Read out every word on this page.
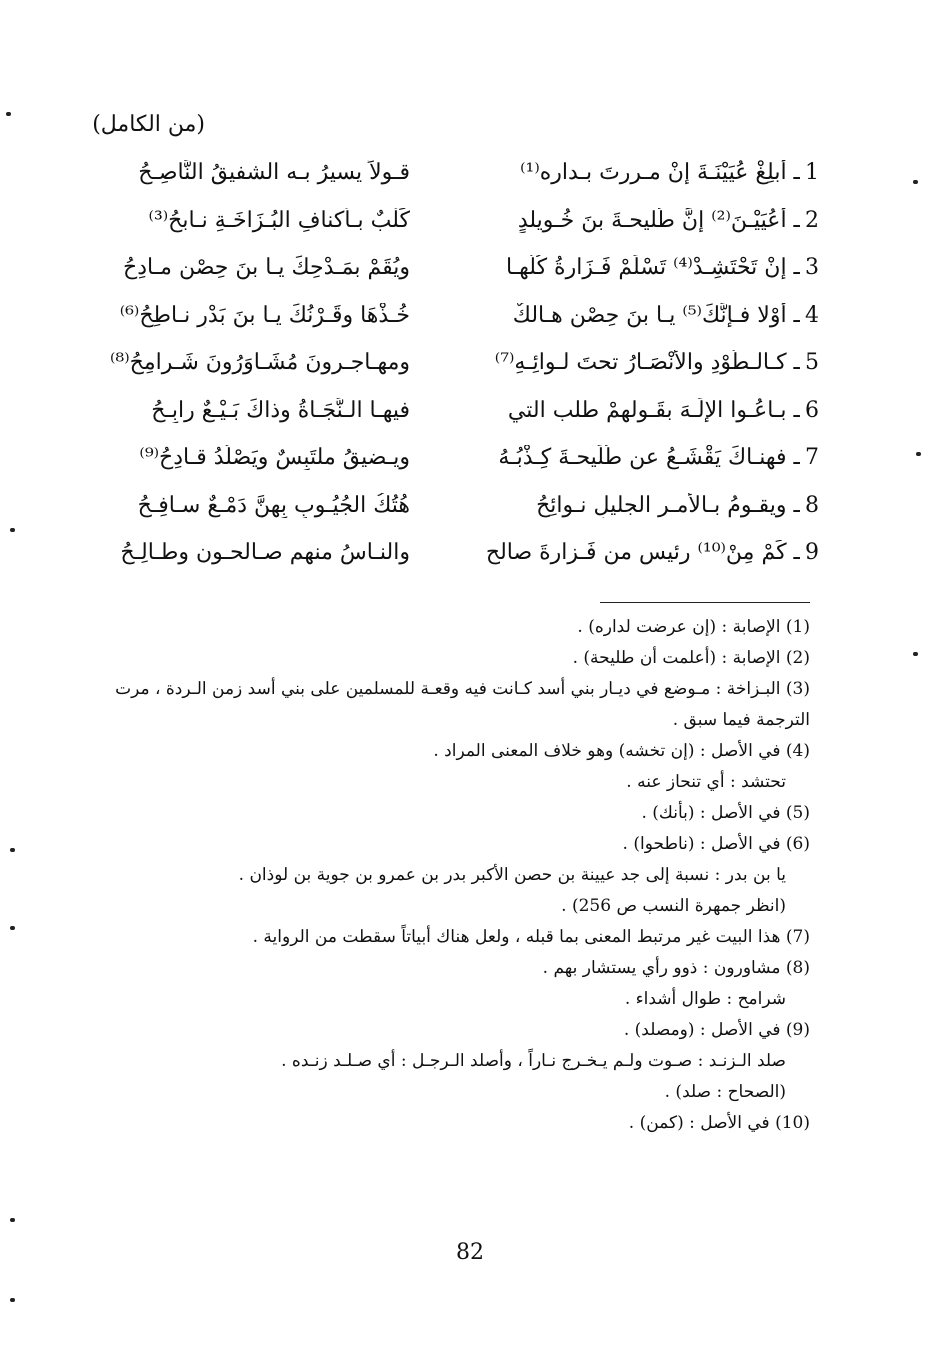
(من الكامل)
1
ـ أبلِغْ عُيَيْنَـةَ إنْ مـررتَ بـداره⁽¹⁾
قـولاً يسيرُ بـه الشفيقُ النَّاصِـحُ
2
ـ أعُيَيْـنَ⁽²⁾ إنَّ طُليحـةَ بنَ خُـويلدٍ
كَلْبٌ بـأكنافِ البُـزَاخَـةِ نـابحُ⁽³⁾
3
ـ إنْ تَحْتَشِـدْ⁽⁴⁾ تَسْلَمْ فَـزَارةُ كُلُّهـا
ويُقَمْ بمَـدْحِكَ يـا بنَ حِصْنٍ مـادِحُ
4
ـ أوْلا فـإنَّكَ⁽⁵⁾ يـا بنَ حِصْنٍ هـالكٌ
خُـذْهَا وقَـرْنُكَ يـا بنَ بَدْرٍ نـاطِحُ⁽⁶⁾
5
ـ كـالـطَّوْدِ والأنْصَـارُ تحتَ لـوائِـهِ⁽⁷⁾
ومهـاجـرونَ مُشَـاوَرُونَ شَـرامِحُ⁽⁸⁾
6
ـ بـاعُـوا الإلَـهَ بقَـولهِمْ طلب التي
فيهـا الـنَّجَـاةُ وذاكَ بَـيْـعٌ رابِـحُ
7
ـ فهنـاكَ يَقْشَـعُ عن طُلَيحـةَ كِـذْبُـهُ
ويـضيقُ ملتَبِسٌ ويَصْلُدُ قـادِحُ⁽⁹⁾
8
ـ ويقـومُ بـالأمـرِ الجليلِ نـوائِحُ
هُتُكُ الجُيُـوبِ بِهِنَّ دَمْـعٌ سـافِـحُ
9
ـ كَمْ مِنْ⁽¹⁰⁾ رئيسٍ من فَـزارةَ صالحٍ
والنـاسُ منهم صـالحـون وطـالِـحُ
(1) الإصابة : (إن عرضت لداره) .
(2) الإصابة : (أعلمت أن طليحة) .
(3) البـزاخة : مـوضع في ديـار بني أسد كـانت فيه وقعـة للمسلمين على بني أسد زمن الـردة ، مرت الترجمة فيما سبق .
(4) في الأصل : (إن تخشه) وهو خلاف المعنى المراد .
تحتشد : أي تنحاز عنه .
(5) في الأصل : (بأنك) .
(6) في الأصل : (ناطحوا) .
يا بن بدر : نسبة إلى جد عيينة بن حصن الأكبر بدر بن عمرو بن جوية بن لوذان .
(انظر جمهرة النسب ص 256) .
(7) هذا البيت غير مرتبط المعنى بما قبله ، ولعل هناك أبياتاً سقطت من الرواية .
(8) مشاورون : ذوو رأي يستشار بهم .
شرامح : طوال أشداء .
(9) في الأصل : (ومصلد) .
صلد الـزنـد : صـوت ولـم يـخـرج نـاراً ، وأصلد الـرجـل : أي صـلـد زنـده .
(الصحاح : صلد) .
(10) في الأصل : (كمن) .
82
